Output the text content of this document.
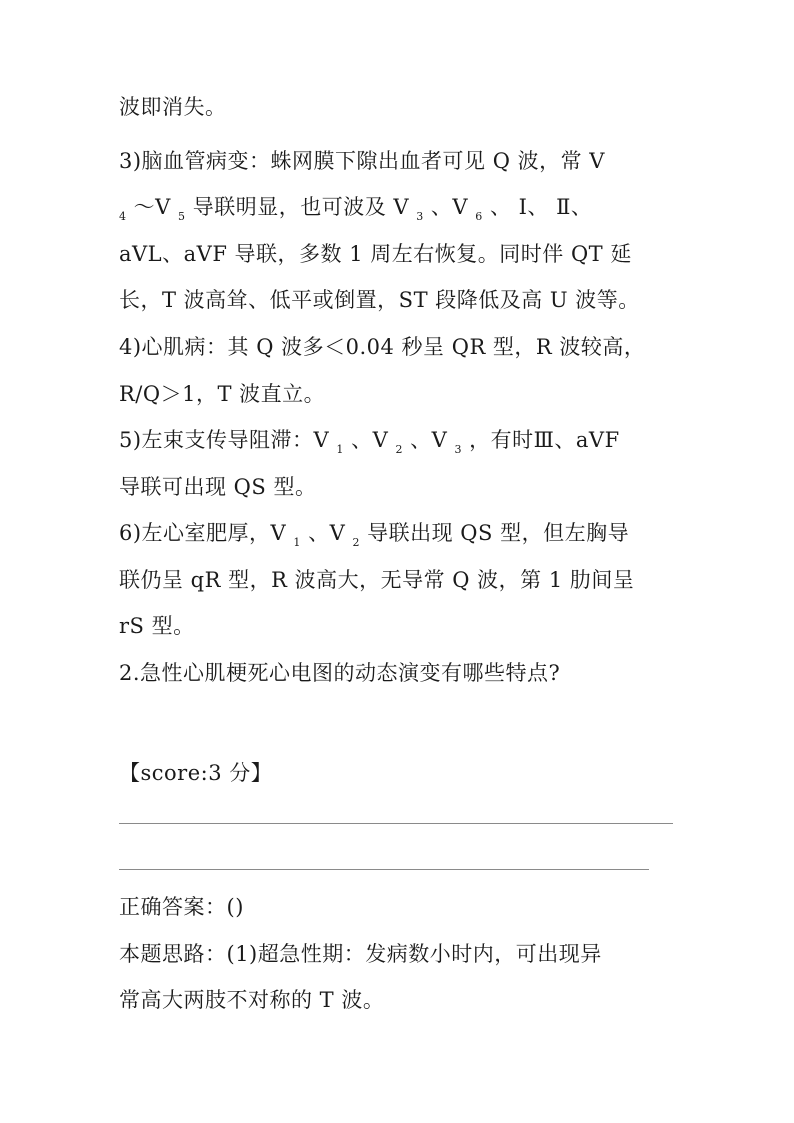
波即消失。
3)脑血管病变：蛛网膜下隙出血者可见 Q 波，常 V
$_4$ ～V $_5$ 导联明显，也可波及 V $_3$ 、V $_6$ 、 Ⅰ、 Ⅱ、
aVL、aVF 导联，多数 1 周左右恢复。同时伴 QT 延
长，T 波高耸、低平或倒置，ST 段降低及高 U 波等。
4)心肌病：其 Q 波多＜0.04 秒呈 QR 型，R 波较高，
R/Q＞1，T 波直立。
5)左束支传导阻滞：V $_1$ 、V $_2$ 、V $_3$ ，有时Ⅲ、aVF
导联可出现 QS 型。
6)左心室肥厚，V $_1$ 、V $_2$ 导联出现 QS 型，但左胸导
联仍呈 qR 型，R 波高大，无导常 Q 波，第 1 肋间呈
rS 型。
2.急性心肌梗死心电图的动态演变有哪些特点?
【score:3 分】
正确答案：()
本题思路：(1)超急性期：发病数小时内，可出现异
常高大两肢不对称的 T 波。
